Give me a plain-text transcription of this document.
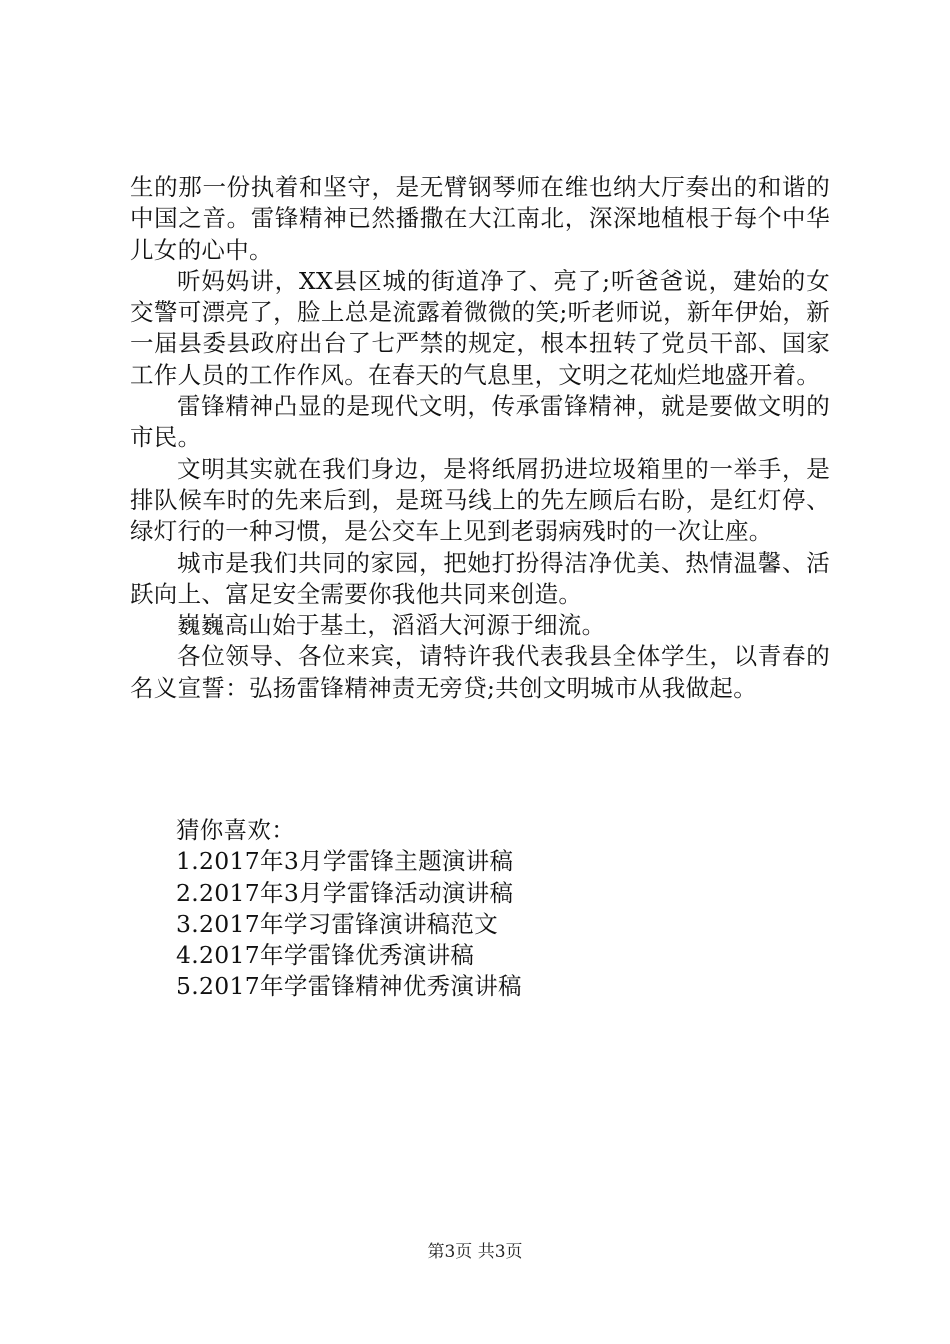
生的那一份执着和坚守，是无臂钢琴师在维也纳大厅奏出的和谐的中国之音。雷锋精神已然播撒在大江南北，深深地植根于每个中华儿女的心中。

听妈妈讲，XX县区城的街道净了、亮了;听爸爸说，建始的女交警可漂亮了，脸上总是流露着微微的笑;听老师说，新年伊始，新一届县委县政府出台了七严禁的规定，根本扭转了党员干部、国家工作人员的工作作风。在春天的气息里，文明之花灿烂地盛开着。

雷锋精神凸显的是现代文明，传承雷锋精神，就是要做文明的市民。

文明其实就在我们身边，是将纸屑扔进垃圾箱里的一举手，是排队候车时的先来后到，是斑马线上的先左顾后右盼，是红灯停、绿灯行的一种习惯，是公交车上见到老弱病残时的一次让座。

城市是我们共同的家园，把她打扮得洁净优美、热情温馨、活跃向上、富足安全需要你我他共同来创造。

巍巍高山始于基土，滔滔大河源于细流。

各位领导、各位来宾，请特许我代表我县全体学生，以青春的名义宣誓：弘扬雷锋精神责无旁贷;共创文明城市从我做起。

猜你喜欢：

1.2017年3月学雷锋主题演讲稿
2.2017年3月学雷锋活动演讲稿
3.2017年学习雷锋演讲稿范文
4.2017年学雷锋优秀演讲稿
5.2017年学雷锋精神优秀演讲稿
第3页 共3页
